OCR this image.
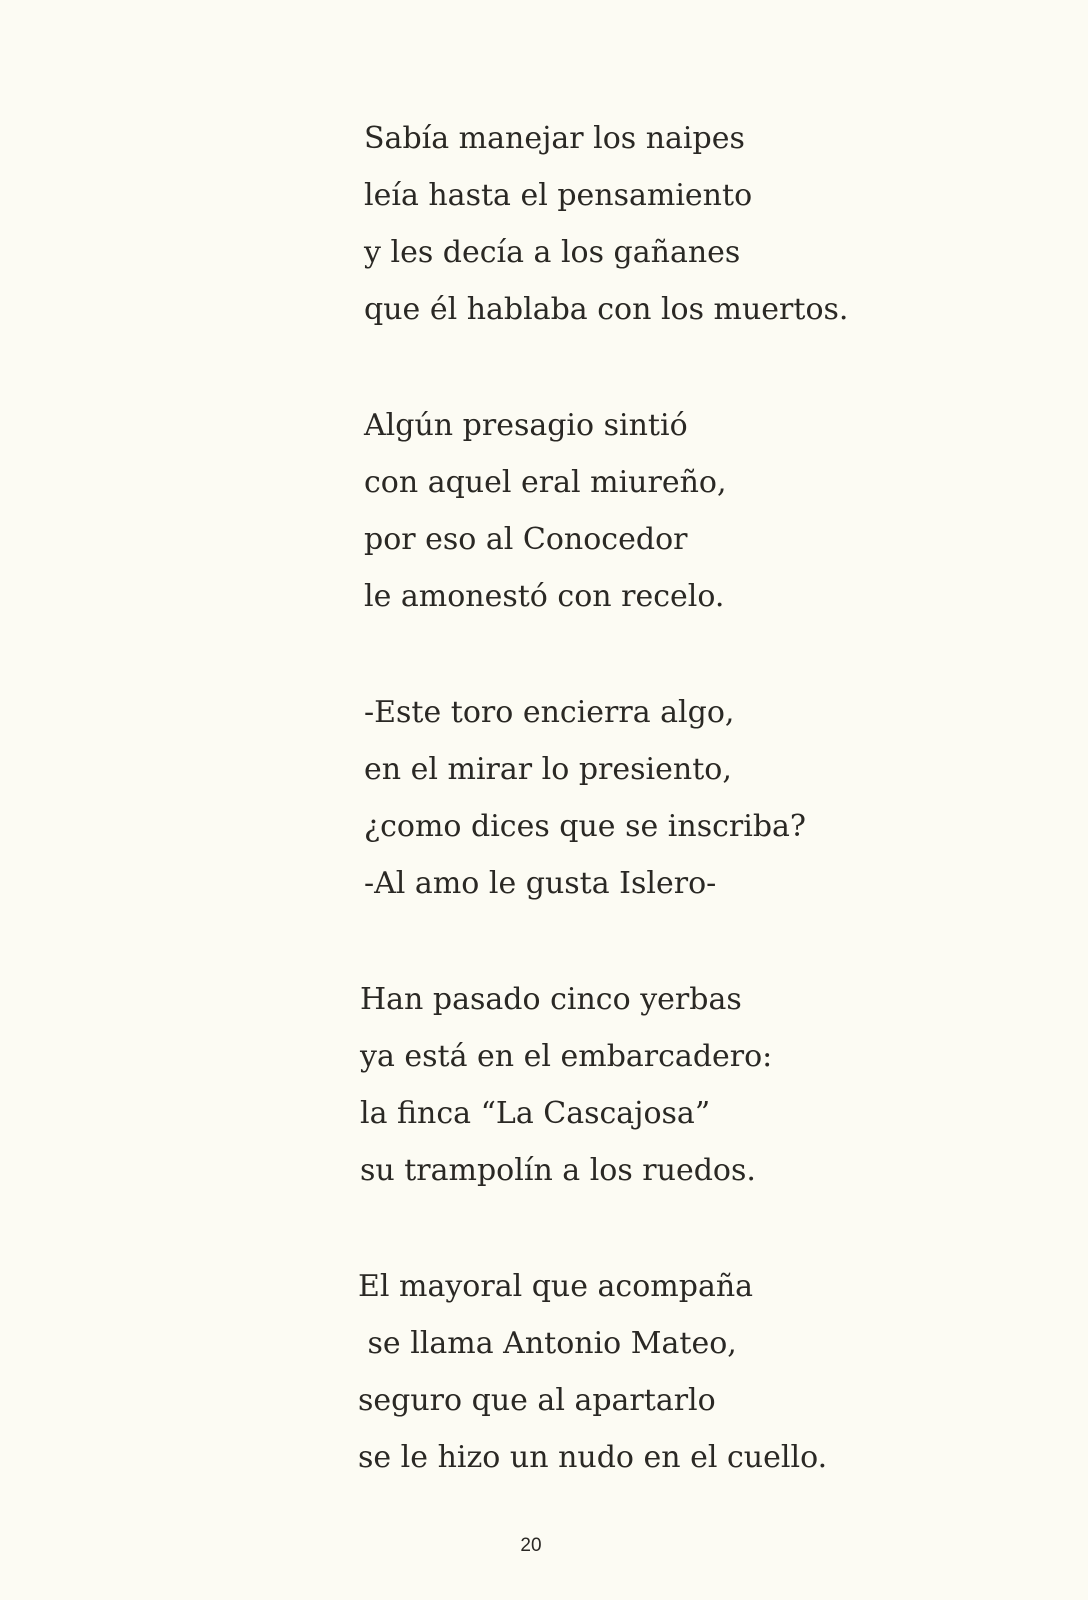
Sabía manejar los naipes
leía hasta el pensamiento
y les decía a los gañanes
que él hablaba con los muertos.
Algún presagio sintió
con aquel eral miureño,
por eso al Conocedor
le amonestó con recelo.
-Este toro encierra algo,
en el mirar lo presiento,
¿como dices que se inscriba?
-Al amo le gusta Islero-
Han pasado cinco yerbas
ya está en el embarcadero:
la finca “La Cascajosa”
su trampolín a los ruedos.
El mayoral que acompaña
se llama Antonio Mateo,
seguro que al apartarlo
se le hizo un nudo en el cuello.
20
